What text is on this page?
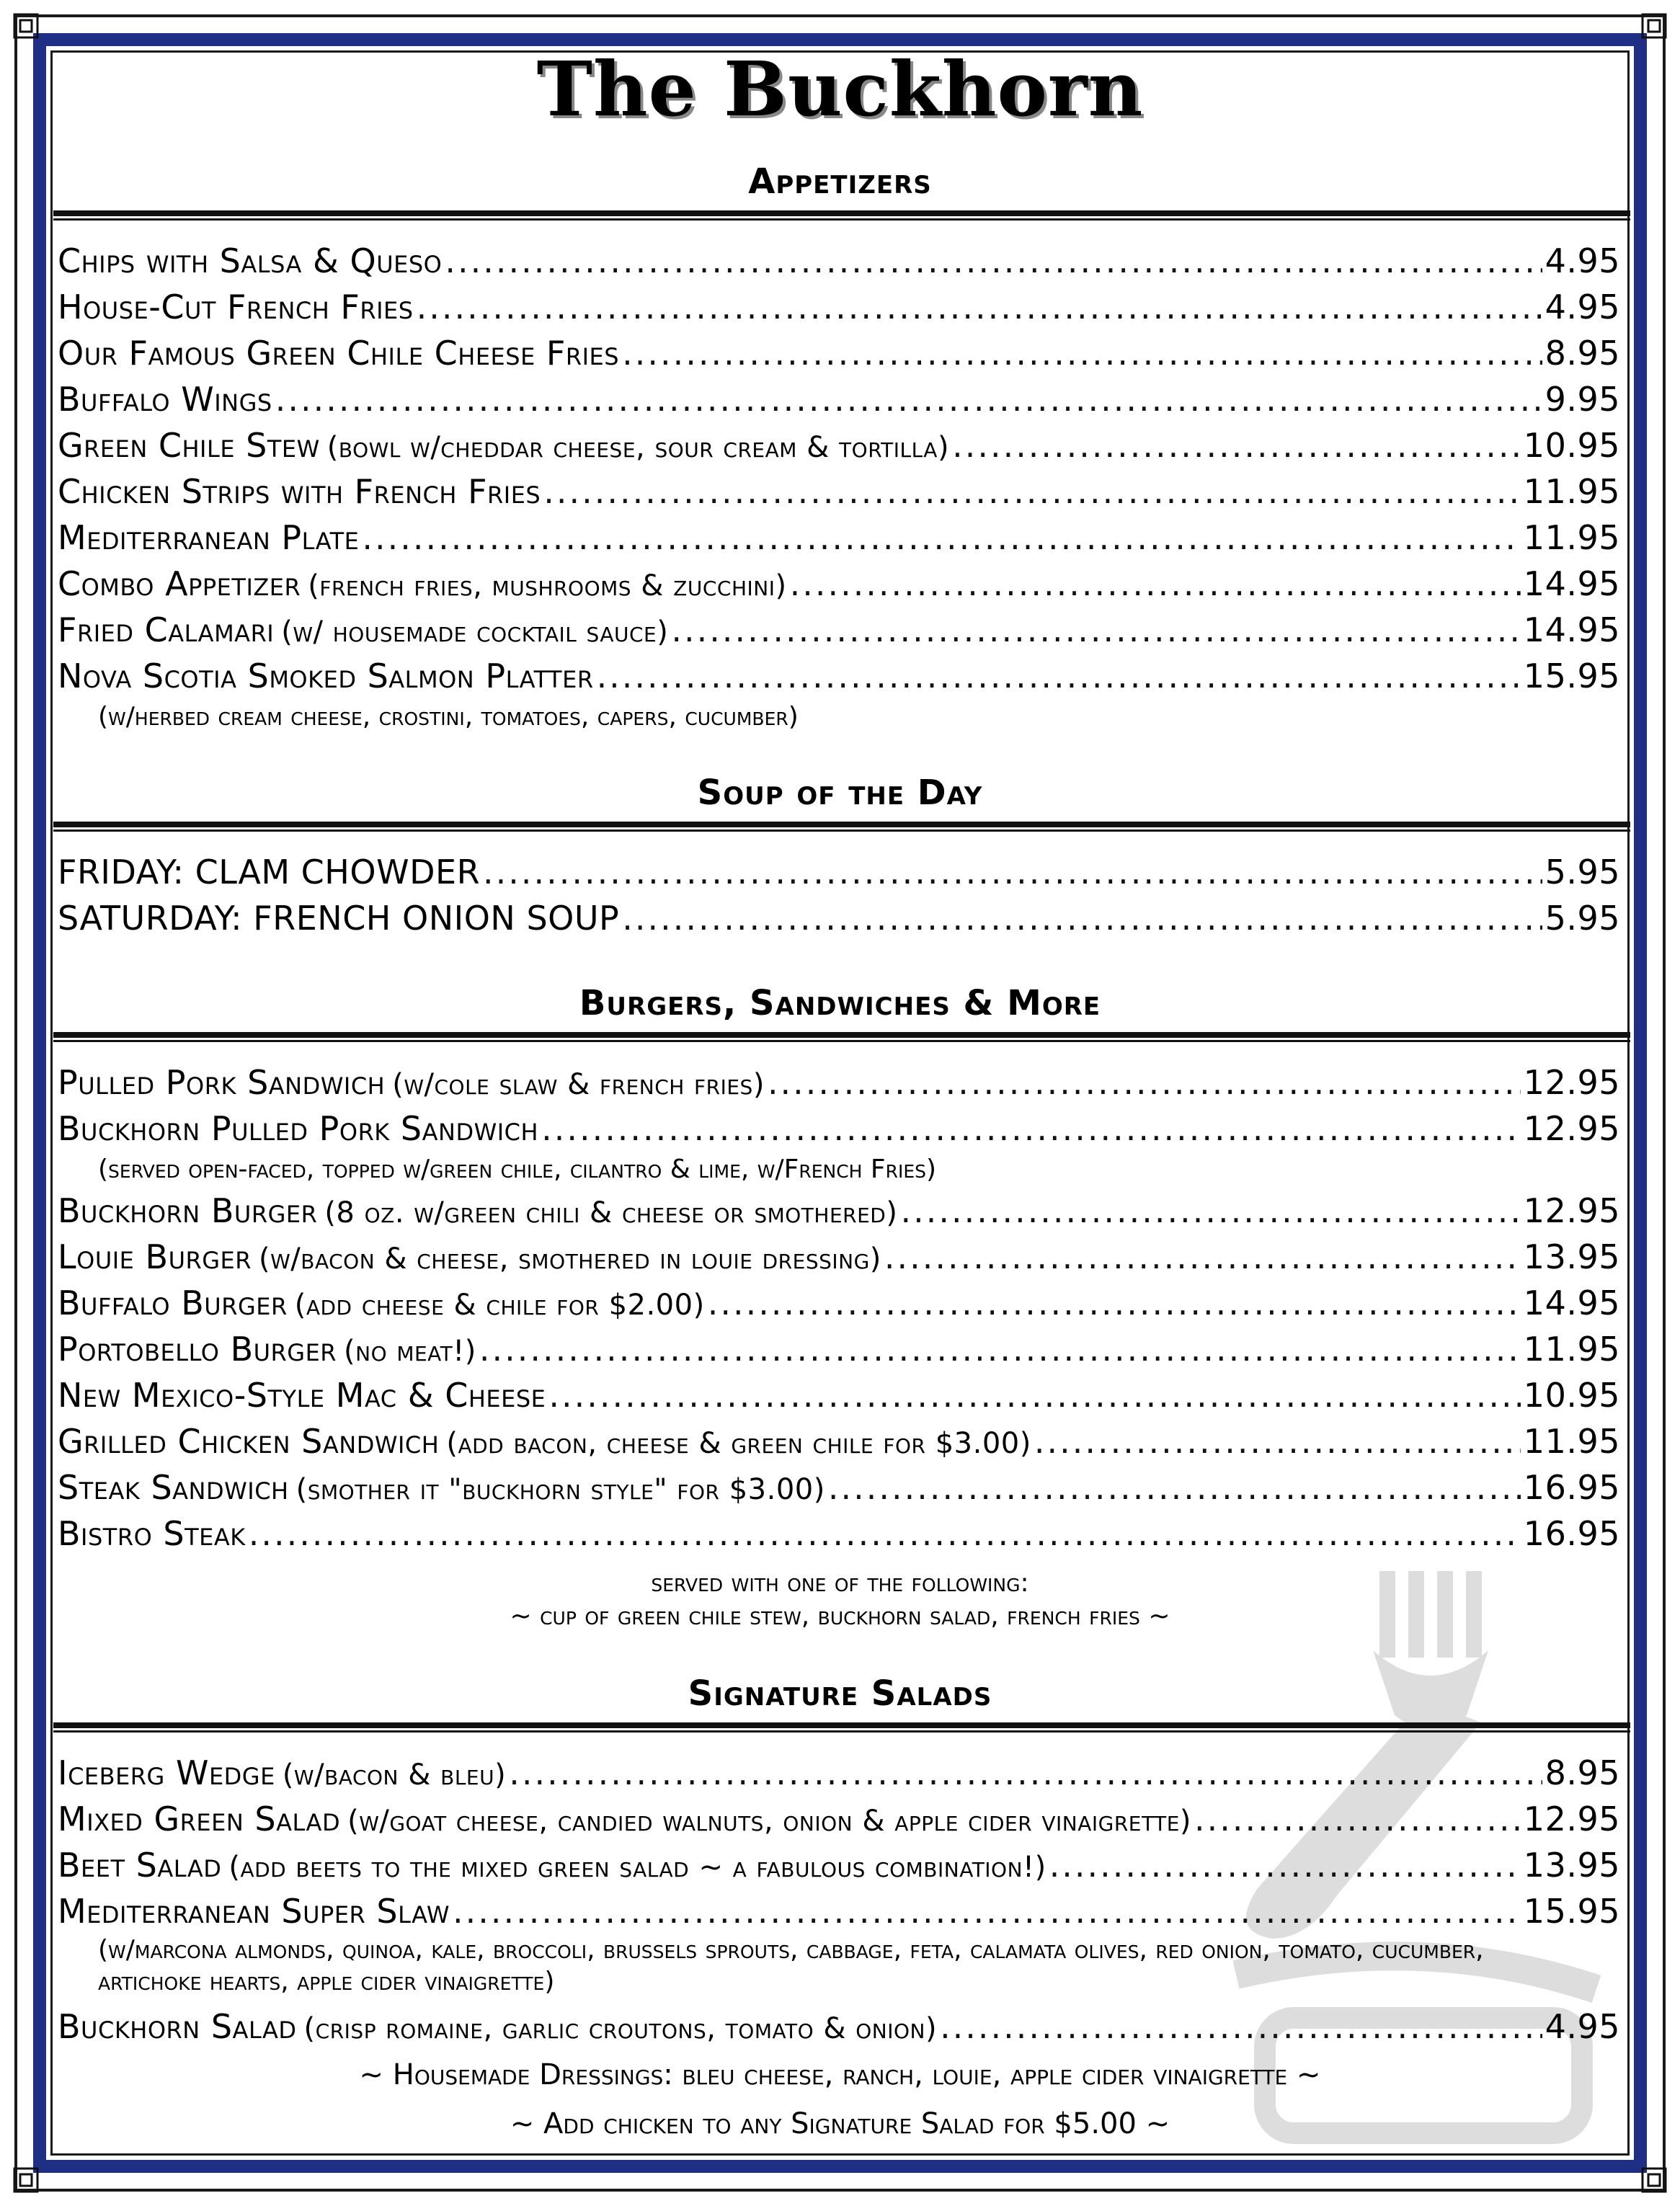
The Buckhorn
Appetizers
Chips with Salsa & Queso .....	4.95
House-Cut French Fries .....	4.95
Our Famous Green Chile Cheese Fries .....	8.95
Buffalo Wings .....	9.95
Green Chile Stew (bowl w/cheddar cheese, sour cream & tortilla) .....	10.95
Chicken Strips with French Fries .....	11.95
Mediterranean Plate .....	11.95
Combo Appetizer (french fries, mushrooms & zucchini) .....	14.95
Fried Calamari (w/ housemade cocktail sauce) .....	14.95
Nova Scotia Smoked Salmon Platter .....	15.95
(w/herbed cream cheese, crostini, tomatoes, capers, cucumber)
Soup of the Day
FRIDAY: CLAM CHOWDER .....	5.95
SATURDAY: FRENCH ONION SOUP .....	5.95
Burgers, Sandwiches & More
Pulled Pork Sandwich (w/cole slaw & french fries) .....	12.95
Buckhorn Pulled Pork Sandwich .....	12.95
(served open-faced, topped w/green chile, cilantro & lime, w/French Fries)
Buckhorn Burger (8 oz. w/green chili & cheese or smothered) .....	12.95
Louie Burger (w/bacon & cheese, smothered in louie dressing) .....	13.95
Buffalo Burger (add cheese & chile for $2.00) .....	14.95
Portobello Burger (no meat!) .....	11.95
New Mexico-Style Mac & Cheese .....	10.95
Grilled Chicken Sandwich (add bacon, cheese & green chile for $3.00) .....	11.95
Steak Sandwich (smother it "buckhorn style" for $3.00) .....	16.95
Bistro Steak .....	16.95
served with one of the following:
~ cup of green chile stew, buckhorn salad, french fries ~
Signature Salads
Iceberg Wedge (w/bacon & bleu) .....	8.95
Mixed Green Salad (w/goat cheese, candied walnuts, onion & apple cider vinaigrette) .....	12.95
Beet Salad (add beets to the mixed green salad ~ a fabulous combination!) .....	13.95
Mediterranean Super Slaw .....	15.95
(w/marcona almonds, quinoa, kale, broccoli, brussels sprouts, cabbage, feta, calamata olives, red onion, tomato, cucumber, artichoke hearts, apple cider vinaigrette)
Buckhorn Salad (crisp romaine, garlic croutons, tomato & onion) .....	4.95
~ Housemade Dressings: bleu cheese, ranch, louie, apple cider vinaigrette ~
~ Add chicken to any Signature Salad for $5.00 ~
